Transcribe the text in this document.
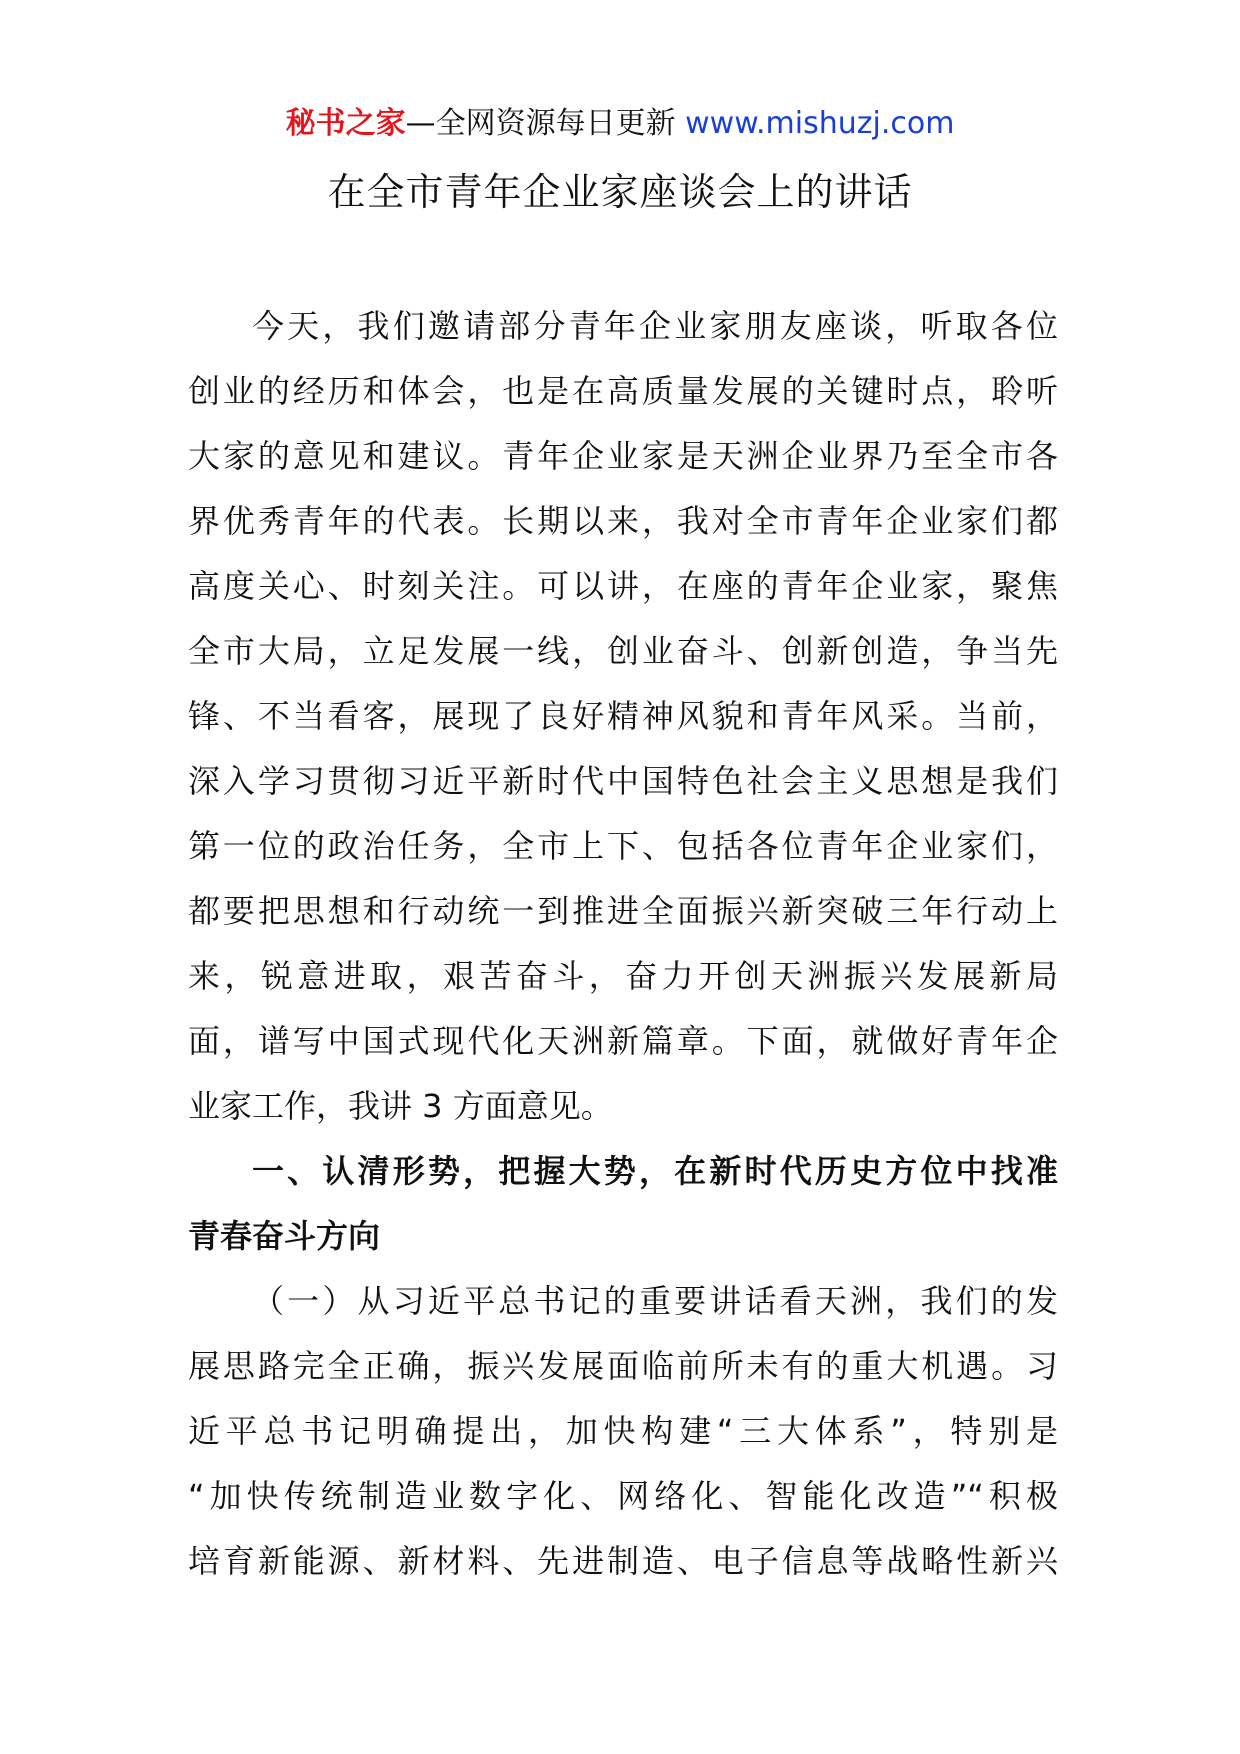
秘书之家—全网资源每日更新 www.mishuzj.com
在全市青年企业家座谈会上的讲话
今天，我们邀请部分青年企业家朋友座谈，听取各位
创业的经历和体会，也是在高质量发展的关键时点，聆听
大家的意见和建议。青年企业家是天洲企业界乃至全市各
界优秀青年的代表。长期以来，我对全市青年企业家们都
高度关心、时刻关注。可以讲，在座的青年企业家，聚焦
全市大局，立足发展一线，创业奋斗、创新创造，争当先
锋、不当看客，展现了良好精神风貌和青年风采。当前，
深入学习贯彻习近平新时代中国特色社会主义思想是我们
第一位的政治任务，全市上下、包括各位青年企业家们，
都要把思想和行动统一到推进全面振兴新突破三年行动上
来，锐意进取，艰苦奋斗，奋力开创天洲振兴发展新局
面，谱写中国式现代化天洲新篇章。下面，就做好青年企
业家工作，我讲 3 方面意见。
一、认清形势，把握大势，在新时代历史方位中找准
青春奋斗方向
（一）从习近平总书记的重要讲话看天洲，我们的发
展思路完全正确，振兴发展面临前所未有的重大机遇。习
近平总书记明确提出，加快构建“三大体系”，特别是
“加快传统制造业数字化、网络化、智能化改造”“积极
培育新能源、新材料、先进制造、电子信息等战略性新兴
